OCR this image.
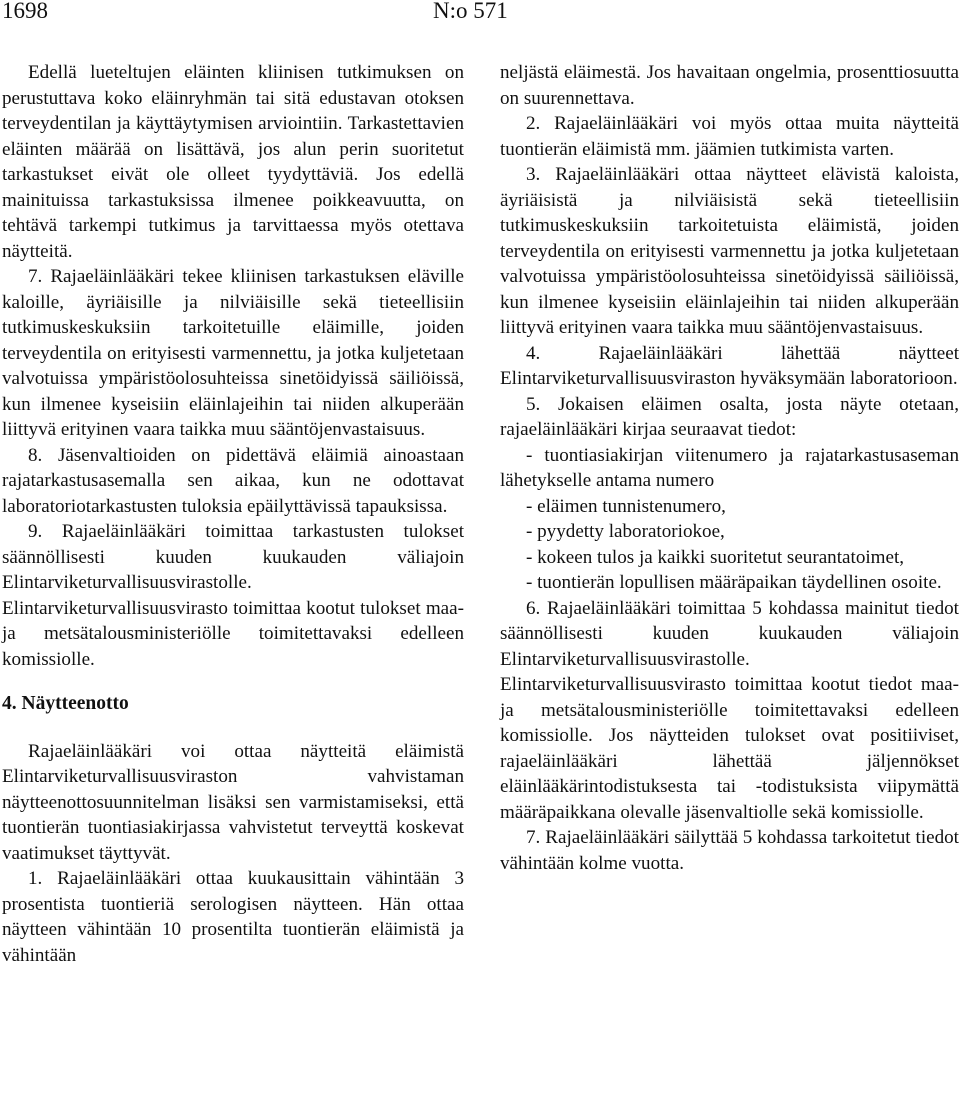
1698	N:o 571

Edellä lueteltujen eläinten kliinisen tutkimuksen on perustuttava koko eläinryhmän tai sitä edustavan otoksen terveydentilan ja käyttäytymisen arviointiin. Tarkastettavien eläinten määrää on lisättävä, jos alun perin suoritetut tarkastukset eivät ole olleet tyydyttäviä. Jos edellä mainituissa tarkastuksissa ilmenee poikkeavuutta, on tehtävä tarkempi tutkimus ja tarvittaessa myös otettava näytteitä.

7. Rajaeläinlääkäri tekee kliinisen tarkastuksen eläville kaloille, äyriäisille ja nilviäisille sekä tieteellisiin tutkimuskeskuksiin tarkoitetuille eläimille, joiden terveydentila on erityisesti varmennettu, ja jotka kuljetetaan valvotuissa ympäristöolosuhteissa sinetöidyissä säiliöissä, kun ilmenee kyseisiin eläinlajeihin tai niiden alkuperään liittyvä erityinen vaara taikka muu sääntöjenvastaisuus.

8. Jäsenvaltioiden on pidettävä eläimiä ainoastaan rajatarkastusasemalla sen aikaa, kun ne odottavat laboratoriotarkastusten tuloksia epäilyttävissä tapauksissa.

9. Rajaeläinlääkäri toimittaa tarkastusten tulokset säännöllisesti kuuden kuukauden väliajoin Elintarviketurvallisuusvirastolle. Elintarviketurvallisuusvirasto toimittaa kootut tulokset maa- ja metsätalousministeriölle toimitettavaksi edelleen komissiolle.

4. Näytteenotto

Rajaeläinlääkäri voi ottaa näytteitä eläimistä Elintarviketurvallisuusviraston vahvistaman näytteenottosuunnitelman lisäksi sen varmistamiseksi, että tuontierän tuontiasiakirjassa vahvistetut terveyttä koskevat vaatimukset täyttyvät.

1. Rajaeläinlääkäri ottaa kuukausittain vähintään 3 prosentista tuontieriä serologisen näytteen. Hän ottaa näytteen vähintään 10 prosentilta tuontierän eläimistä ja vähintään

neljästä eläimestä. Jos havaitaan ongelmia, prosenttiosuutta on suurennettava.

2. Rajaeläinlääkäri voi myös ottaa muita näytteitä tuontierän eläimistä mm. jäämien tutkimista varten.

3. Rajaeläinlääkäri ottaa näytteet elävistä kaloista, äyriäisistä ja nilviäisistä sekä tieteellisiin tutkimuskeskuksiin tarkoitetuista eläimistä, joiden terveydentila on erityisesti varmennettu ja jotka kuljetetaan valvotuissa ympäristöolosuhteissa sinetöidyissä säiliöissä, kun ilmenee kyseisiin eläinlajeihin tai niiden alkuperään liittyvä erityinen vaara taikka muu sääntöjenvastaisuus.

4. Rajaeläinlääkäri lähettää näytteet Elintarviketurvallisuusviraston hyväksymään laboratorioon.

5. Jokaisen eläimen osalta, josta näyte otetaan, rajaeläinlääkäri kirjaa seuraavat tiedot:

- tuontiasiakirjan viitenumero ja rajatarkastusaseman lähetykselle antama numero

- eläimen tunnistenumero,

- pyydetty laboratoriokoe,

- kokeen tulos ja kaikki suoritetut seurantatoimet,

- tuontierän lopullisen määräpaikan täydellinen osoite.

6. Rajaeläinlääkäri toimittaa 5 kohdassa mainitut tiedot säännöllisesti kuuden kuukauden väliajoin Elintarviketurvallisuusvirastolle. Elintarviketurvallisuusvirasto toimittaa kootut tiedot maa- ja metsätalousministeriölle toimitettavaksi edelleen komissiolle. Jos näytteiden tulokset ovat positiiviset, rajaeläinlääkäri lähettää jäljennökset eläinlääkärintodistuksesta tai -todistuksista viipymättä määräpaikkana olevalle jäsenvaltiolle sekä komissiolle.

7. Rajaeläinlääkäri säilyttää 5 kohdassa tarkoitetut tiedot vähintään kolme vuotta.
